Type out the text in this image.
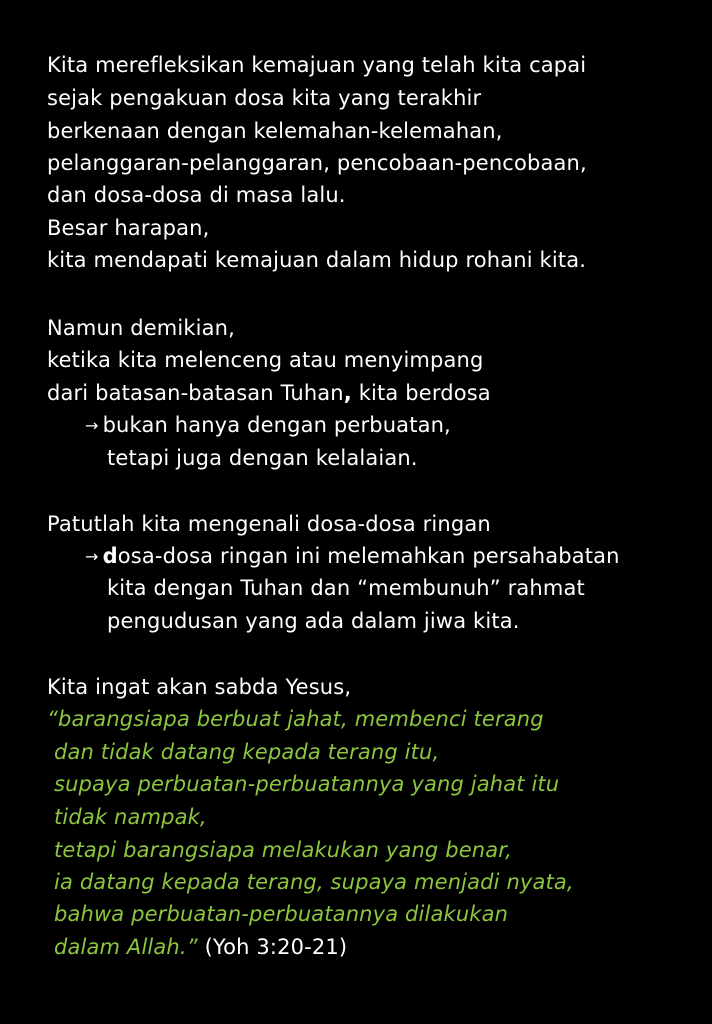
Kita merefleksikan kemajuan yang telah kita capai
sejak pengakuan dosa kita yang terakhir
berkenaan dengan kelemahan-kelemahan,
pelanggaran-pelanggaran, pencobaan-pencobaan,
dan dosa-dosa di masa lalu.
Besar harapan,
kita mendapati kemajuan dalam hidup rohani kita.
Namun demikian,
ketika kita melenceng atau menyimpang
dari batasan-batasan Tuhan, kita berdosa
→ bukan hanya dengan perbuatan,
tetapi juga dengan kelalaian.
Patutlah kita mengenali dosa-dosa ringan
→ dosa-dosa ringan ini melemahkan persahabatan
kita dengan Tuhan dan “membunuh” rahmat
pengudusan yang ada dalam jiwa kita.
Kita ingat akan sabda Yesus,
“barangsiapa berbuat jahat, membenci terang
dan tidak datang kepada terang itu,
supaya perbuatan-perbuatannya yang jahat itu
tidak nampak,
tetapi barangsiapa melakukan yang benar,
ia datang kepada terang, supaya menjadi nyata,
bahwa perbuatan-perbuatannya dilakukan
dalam Allah.” (Yoh 3:20-21)
